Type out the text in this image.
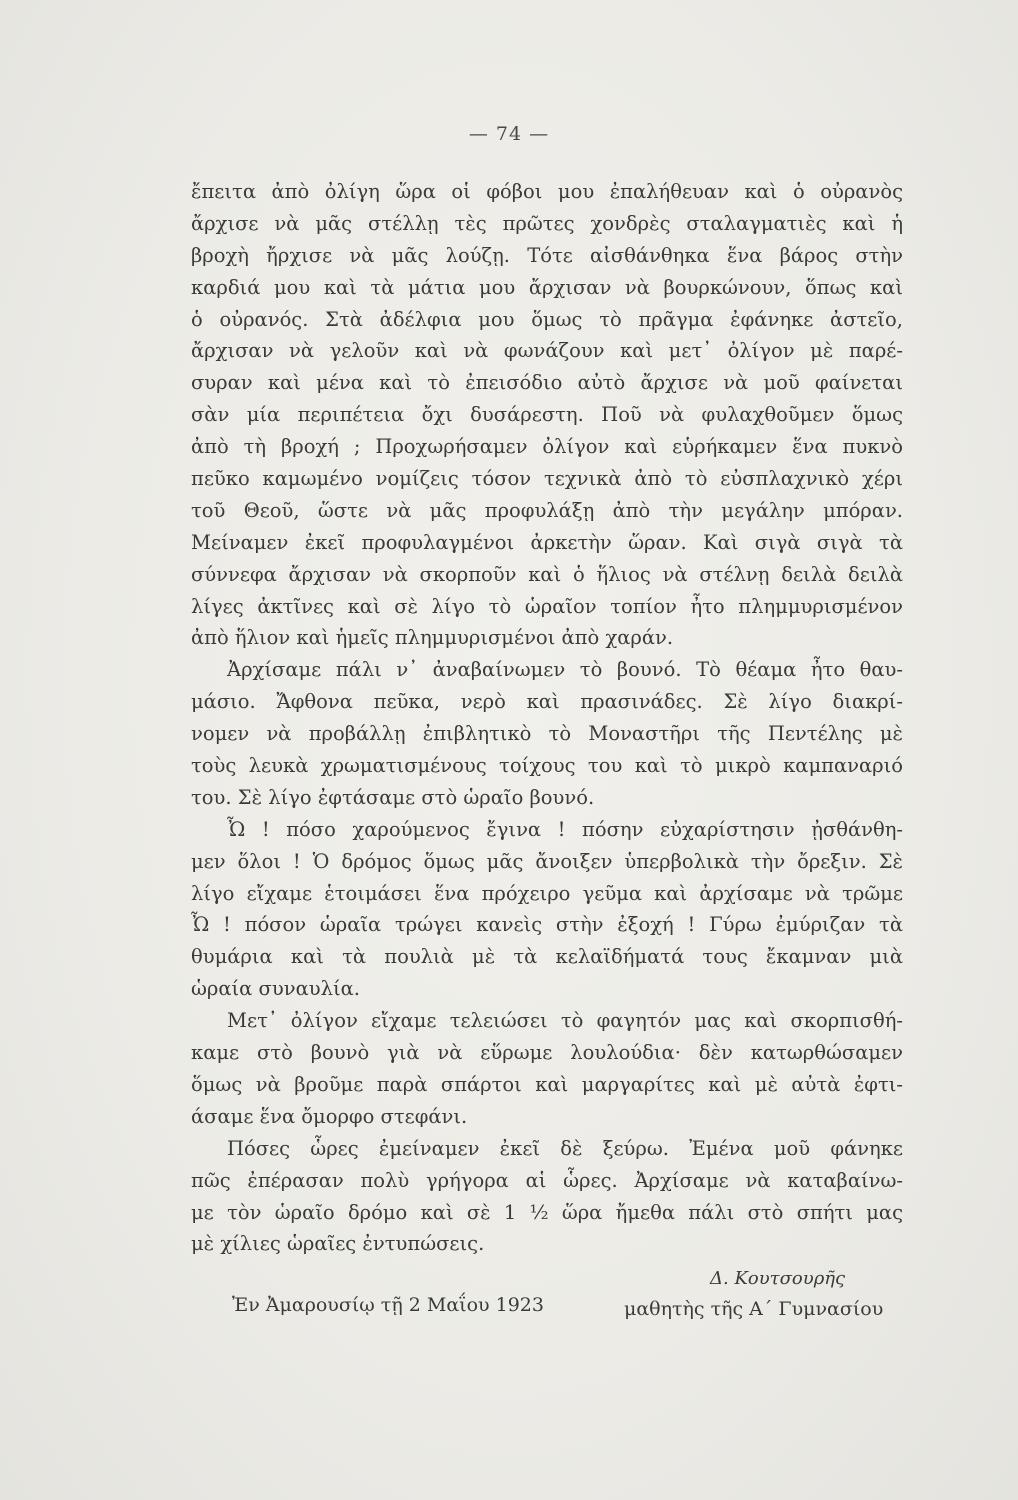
— 74 —
ἔπειτα ἀπὸ ὀλίγη ὥρα οἱ φόβοι μου ἐπαλήθευαν καὶ ὁ οὐρανὸς
ἄρχισε νὰ μᾶς στέλλῃ τὲς πρῶτες χονδρὲς σταλαγματιὲς καὶ ἡ
βροχὴ ἤρχισε νὰ μᾶς λούζῃ. Τότε αἰσθάνθηκα ἕνα βάρος στὴν
καρδιά μου καὶ τὰ μάτια μου ἄρχισαν νὰ βουρκώνουν, ὅπως καὶ
ὁ οὐρανός. Στὰ ἀδέλφια μου ὅμως τὸ πρᾶγμα ἐφάνηκε ἀστεῖο,
ἄρχισαν νὰ γελοῦν καὶ νὰ φωνάζουν καὶ μετ᾽ ὀλίγον μὲ παρέ-
συραν καὶ μένα καὶ τὸ ἐπεισόδιο αὐτὸ ἄρχισε νὰ μοῦ φαίνεται
σὰν μία περιπέτεια ὄχι δυσάρεστη. Ποῦ νὰ φυλαχθοῦμεν ὅμως
ἀπὸ τὴ βροχή ; Προχωρήσαμεν ὀλίγον καὶ εὑρήκαμεν ἕνα πυκνὸ
πεῦκο καμωμένο νομίζεις τόσον τεχνικὰ ἀπὸ τὸ εὐσπλαχνικὸ χέρι
τοῦ Θεοῦ, ὥστε νὰ μᾶς προφυλάξῃ ἀπὸ τὴν μεγάλην μπόραν.
Μείναμεν ἐκεῖ προφυλαγμένοι ἀρκετὴν ὥραν. Καὶ σιγὰ σιγὰ τὰ
σύννεφα ἄρχισαν νὰ σκορποῦν καὶ ὁ ἥλιος νὰ στέλνῃ δειλὰ δειλὰ
λίγες ἀκτῖνες καὶ σὲ λίγο τὸ ὡραῖον τοπίον ἦτο πλημμυρισμένον
ἀπὸ ἥλιον καὶ ἡμεῖς πλημμυρισμένοι ἀπὸ χαράν.
Ἀρχίσαμε πάλι ν᾽ ἀναβαίνωμεν τὸ βουνό. Τὸ θέαμα ἦτο θαυ-
μάσιο. Ἄφθονα πεῦκα, νερὸ καὶ πρασινάδες. Σὲ λίγο διακρί-
νομεν νὰ προβάλλῃ ἐπιβλητικὸ τὸ Μοναστῆρι τῆς Πεντέλης μὲ
τοὺς λευκὰ χρωματισμένους τοίχους του καὶ τὸ μικρὸ καμπαναριό
του. Σὲ λίγο ἐφτάσαμε στὸ ὡραῖο βουνό.
Ὦ ! πόσο χαρούμενος ἔγινα ! πόσην εὐχαρίστησιν ᾐσθάνθη-
μεν ὅλοι ! Ὁ δρόμος ὅμως μᾶς ἄνοιξεν ὑπερβολικὰ τὴν ὄρεξιν. Σὲ
λίγο εἴχαμε ἑτοιμάσει ἕνα πρόχειρο γεῦμα καὶ ἀρχίσαμε νὰ τρῶμε
Ὦ ! πόσον ὡραῖα τρώγει κανεὶς στὴν ἐξοχή ! Γύρω ἐμύριζαν τὰ
θυμάρια καὶ τὰ πουλιὰ μὲ τὰ κελαϊδήματά τους ἔκαμναν μιὰ
ὡραία συναυλία.
Μετ᾽ ὀλίγον εἴχαμε τελειώσει τὸ φαγητόν μας καὶ σκορπισθή-
καμε στὸ βουνὸ γιὰ νὰ εὕρωμε λουλούδια· δὲν κατωρθώσαμεν
ὅμως νὰ βροῦμε παρὰ σπάρτοι καὶ μαργαρίτες καὶ μὲ αὐτὰ ἐφτι-
άσαμε ἕνα ὄμορφο στεφάνι.
Πόσες ὧρες ἐμείναμεν ἐκεῖ δὲ ξεύρω. Ἐμένα μοῦ φάνηκε
πῶς ἐπέρασαν πολὺ γρήγορα αἱ ὧρες. Ἀρχίσαμε νὰ καταβαίνω-
με τὸν ὡραῖο δρόμο καὶ σὲ 1 ½ ὥρα ἤμεθα πάλι στὸ σπήτι μας
μὲ χίλιες ὡραῖες ἐντυπώσεις.
Ἐν Ἀμαρουσίῳ τῇ 2 Μαΐου 1923
Δ. Κουτσουρῆς
μαθητὴς τῆς Α΄ Γυμνασίου
